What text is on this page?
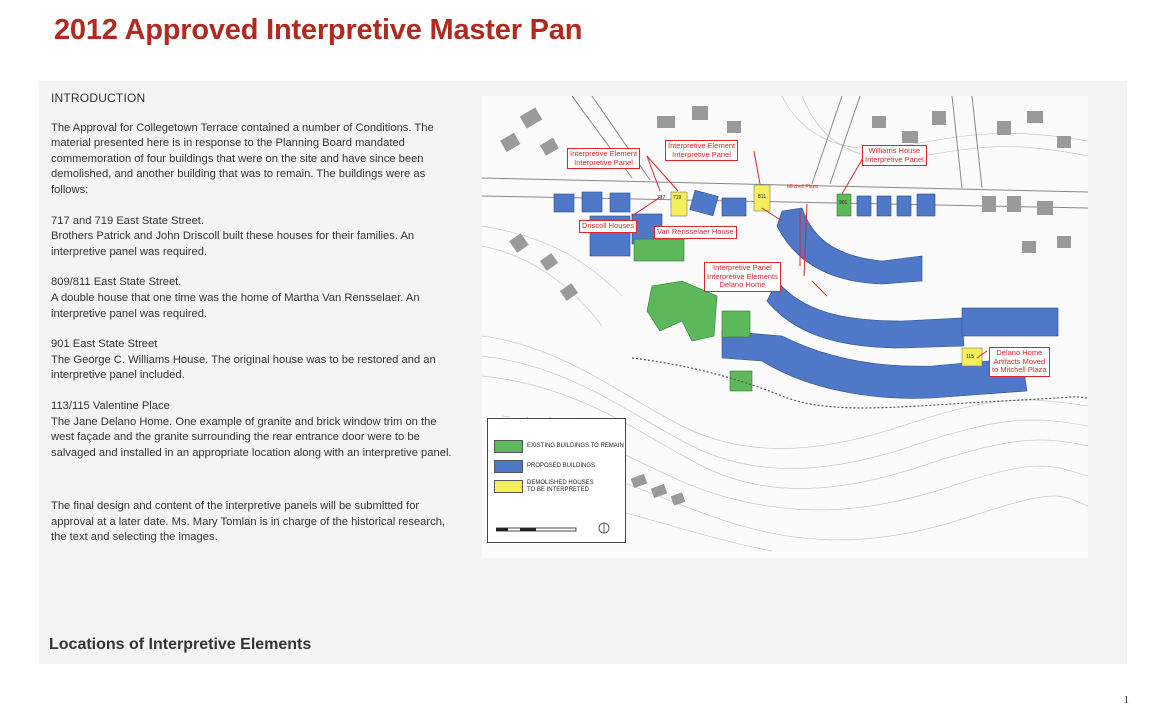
2012 Approved Interpretive Master Pan
INTRODUCTION

The Approval for Collegetown Terrace contained a number of Conditions. The material presented here is in response to the Planning Board mandated commemoration of four buildings that were on the site and have since been demolished, and another building that was to remain. The buildings were as follows:

717 and 719 East State Street.
Brothers Patrick and John Driscoll built these houses for their families. An interpretive panel was required.

809/811 East State Street.
A double house that one time was the home of Martha Van Rensselaer. An interpretive panel was required.

901 East State Street
The George C. Williams House. The original house was to be restored and an interpretive panel included.

113/115 Valentine Place
The Jane Delano Home. One example of granite and brick window trim on the west façade and the granite surrounding the rear entrance door were to be salvaged and installed in an appropriate location along with an interpretive panel.

The final design and content of the interpretive panels will be submitted for approval at a later date. Ms. Mary Tomlan is in charge of the historical research, the text and selecting the images.

Locations of Interpretive Elements
717 719	811
901
115
Mitchell Plaza
Interpretive Element
Interpretive Panel
Interpretive Element
Interpretive Panel	Williams House
Interpretive Panel
Driscoll Houses
Van Rensselaer House
Interpretive Panel
Interpretive Elements
Delano Home
Delano Home
Artifacts Moved
to Mitchell Plaza
EXISTING BUILDINGS TO REMAIN
PROPOSED BUILDINGS
DEMOLISHED HOUSES TO BE INTERPRETED
1
